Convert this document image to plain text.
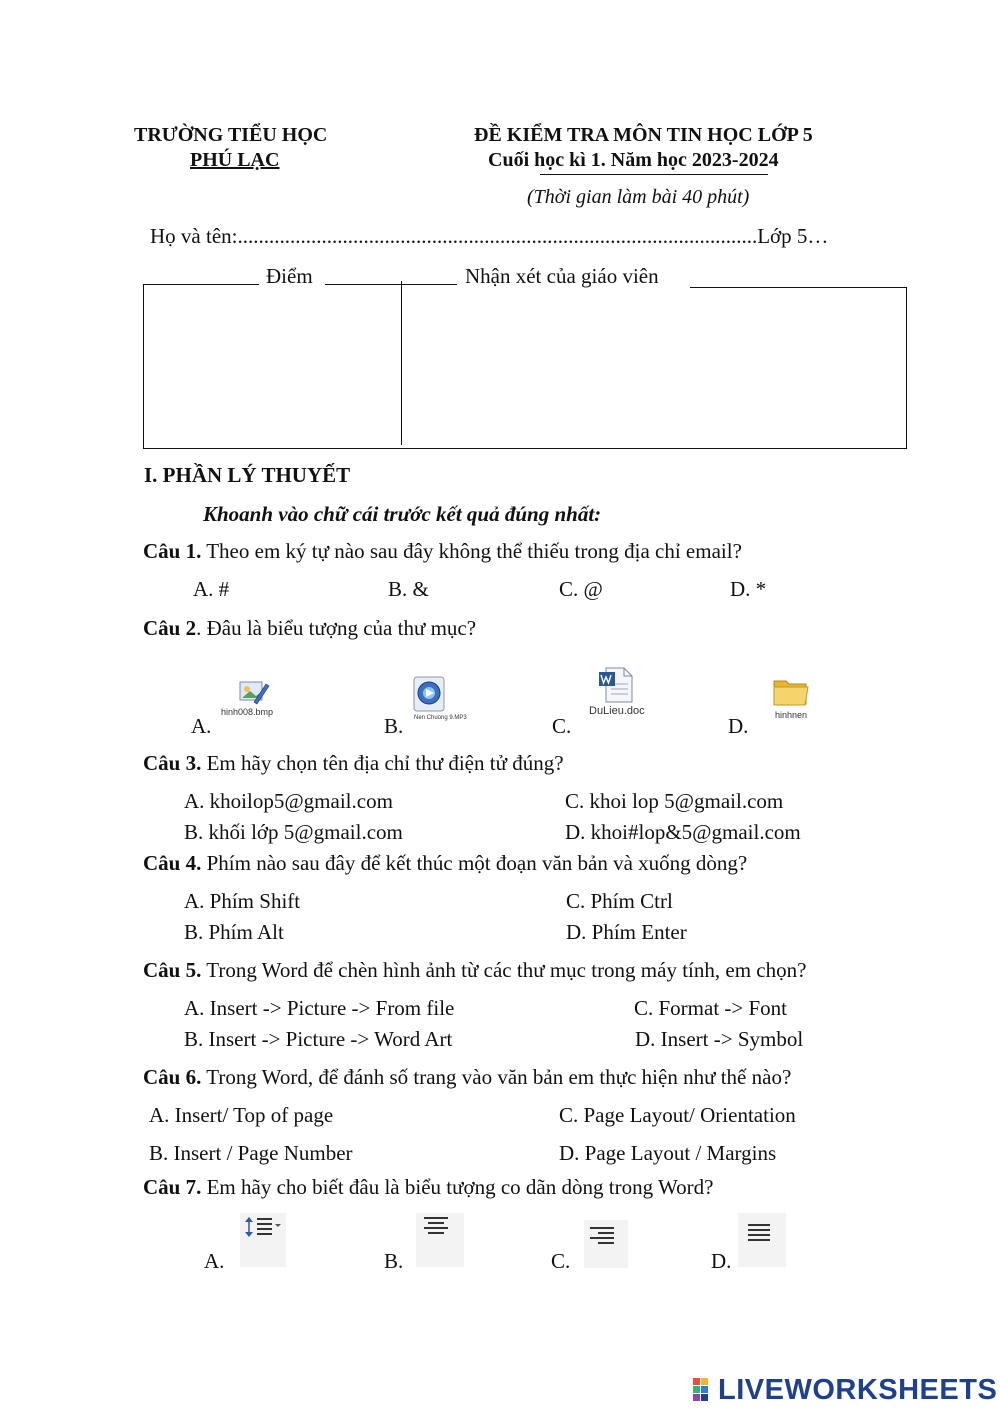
TRƯỜNG TIỂU HỌC
PHÚ LẠC
ĐỀ KIỂM TRA MÔN TIN HỌC LỚP 5
Cuối học kì 1. Năm học 2023-2024
(Thời gian làm bài 40 phút)
Họ và tên:...................................................................................................Lớp 5…
Điểm	Nhận xét của giáo viên
I. PHẦN LÝ THUYẾT
Khoanh vào chữ cái trước kết quả đúng nhất:
Câu 1. Theo em ký tự nào sau đây không thể thiếu trong địa chỉ email?
A. #	B. &	C. @	D. *
Câu 2. Đâu là biểu tượng của thư mục?
A.
hinh008.bmp
B. Nen Chuong 9.MP3	C.
DuLieu.doc
D.	hinhnen
Câu 3. Em hãy chọn tên địa chỉ thư điện tử đúng?
A. khoilop5@gmail.com	C. khoi lop 5@gmail.com
B. khối lớp 5@gmail.com	D. khoi#lop&5@gmail.com
Câu 4. Phím nào sau đây để kết thúc một đoạn văn bản và xuống dòng?
A. Phím Shift	C. Phím Ctrl
B. Phím Alt	D. Phím Enter
Câu 5. Trong Word để chèn hình ảnh từ các thư mục trong máy tính, em chọn?
A. Insert -> Picture -> From file	C. Format -> Font
B. Insert -> Picture -> Word Art	D. Insert -> Symbol
Câu 6. Trong Word, để đánh số trang vào văn bản em thực hiện như thế nào?
A. Insert/ Top of page	C. Page Layout/ Orientation
B. Insert / Page Number	D. Page Layout / Margins
Câu 7. Em hãy cho biết đâu là biểu tượng co dãn dòng trong Word?
A.	B.	C.	D.
LIVEWORKSHEETS
